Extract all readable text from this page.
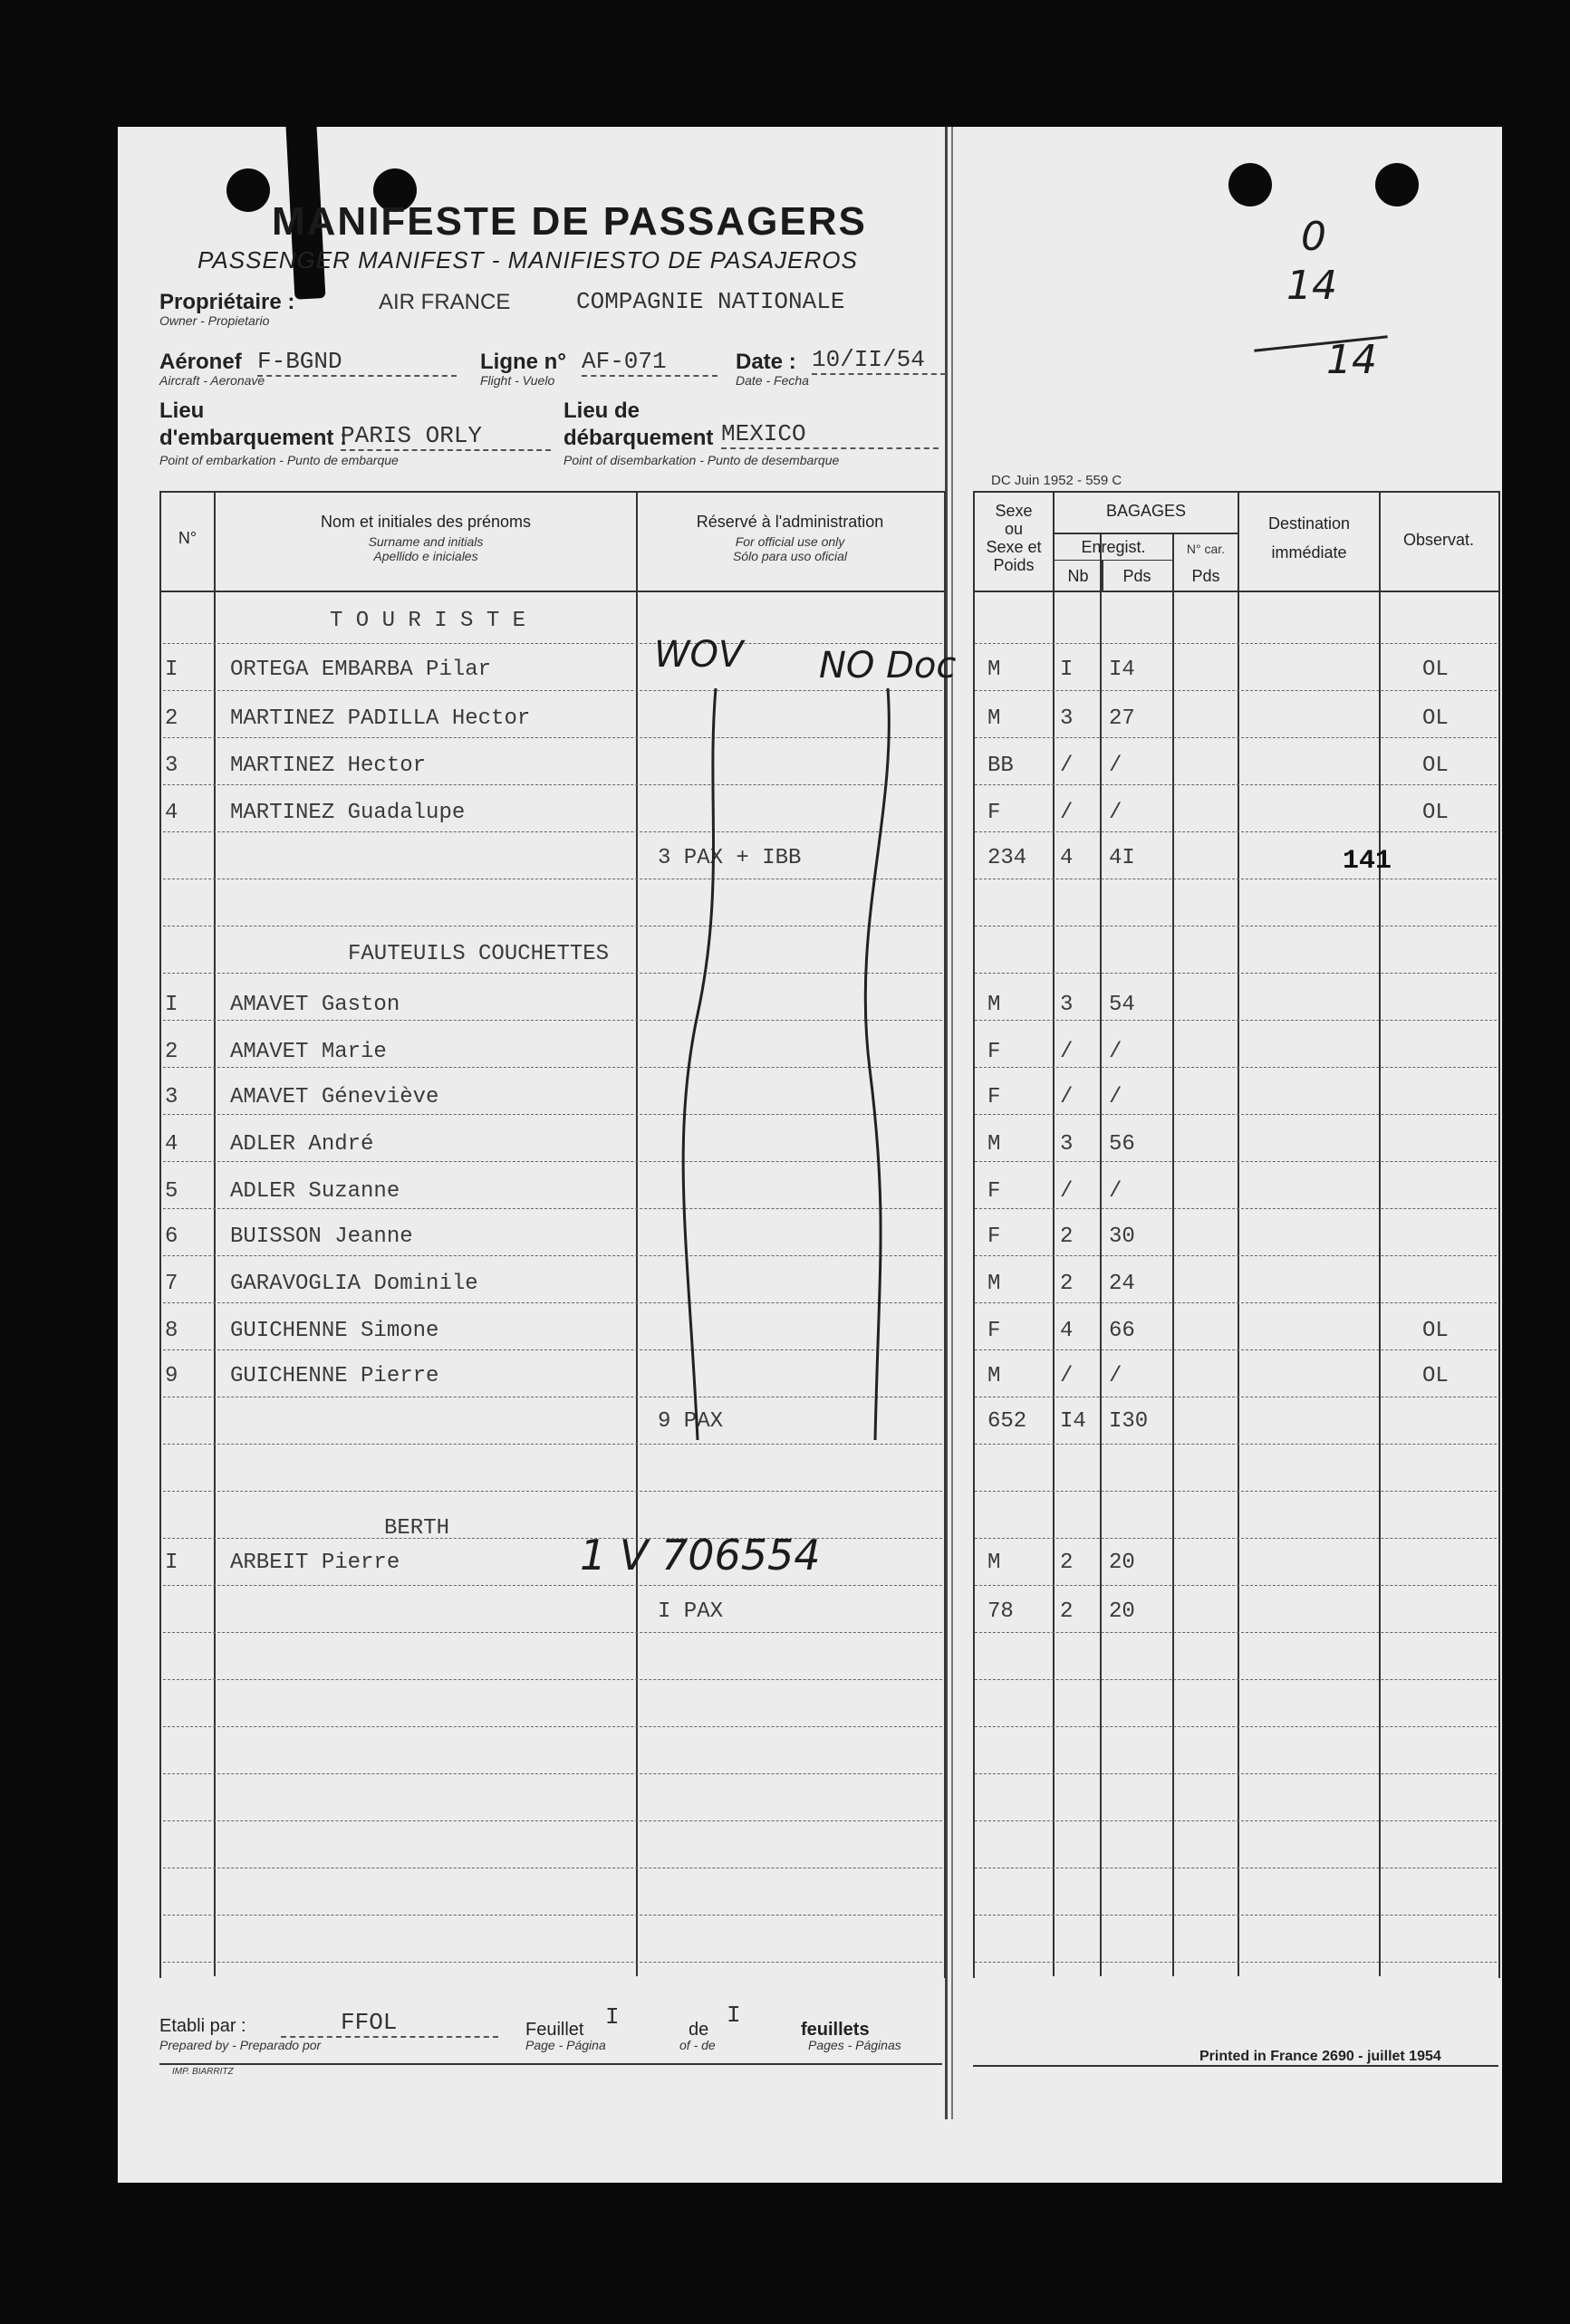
MANIFESTE DE PASSAGERS
PASSENGER MANIFEST - MANIFIESTO DE PASAJEROS
Propriétaire :
Owner - Propietario
AIR FRANCE	COMPAGNIE NATIONALE
Aéronef
Aircraft - Aeronave
F-BGND	Ligne n°
Flight - Vuelo
AF-071	Date :
Date - Fecha
10/II/54
Lieu
d'embarquement :
Point of embarkation - Punto de embarque
PARIS ORLY
Lieu de
débarquement
Point of disembarkation - Punto de desembarque
MEXICO
DC Juin 1952 - 559 C
0
14
14
N°
Nom et initiales des prénoms
Surname and initials
Apellido e iniciales
Réservé à l'administration
For official use only
Sólo para uso oficial
Sexe
ou
Sexe et
Poids
BAGAGES
Enregist.
Nb	Pds
N° car.
Pds
Destination
immédiate
Observat.
T O U R I S T E
FAUTEUILS COUCHETTES
BERTH
I ORTEGA EMBARBA Pilar	M	I I4	OL
2 MARTINEZ PADILLA Hector	M	3 27	OL
3 MARTINEZ Hector	BB / /	OL
4 MARTINEZ Guadalupe	F	/ /	OL
3 PAX + IBB	234 4 4I	141
I AMAVET Gaston	M	3 54
2 AMAVET Marie	F	/ /
3 AMAVET Géneviève	F	/ /
4 ADLER André	M	3 56
5 ADLER Suzanne	F	/ /
6 BUISSON Jeanne	F	2 30
7 GARAVOGLIA Dominile	M	2 24
8 GUICHENNE Simone	F	4 66	OL
9 GUICHENNE Pierre	M	/ /	OL
9 PAX	652 I4 I30
I ARBEIT Pierre	M	2 20
I PAX	78 2 20
WOV NO Doc
1 V 706554
Etabli par :
Prepared by - Preparado por
FFOL	Feuillet
Page - Página
I	de
of - de
I
feuillets
Pages - Páginas
IMP. BIARRITZ
Printed in France 2690 - juillet 1954
